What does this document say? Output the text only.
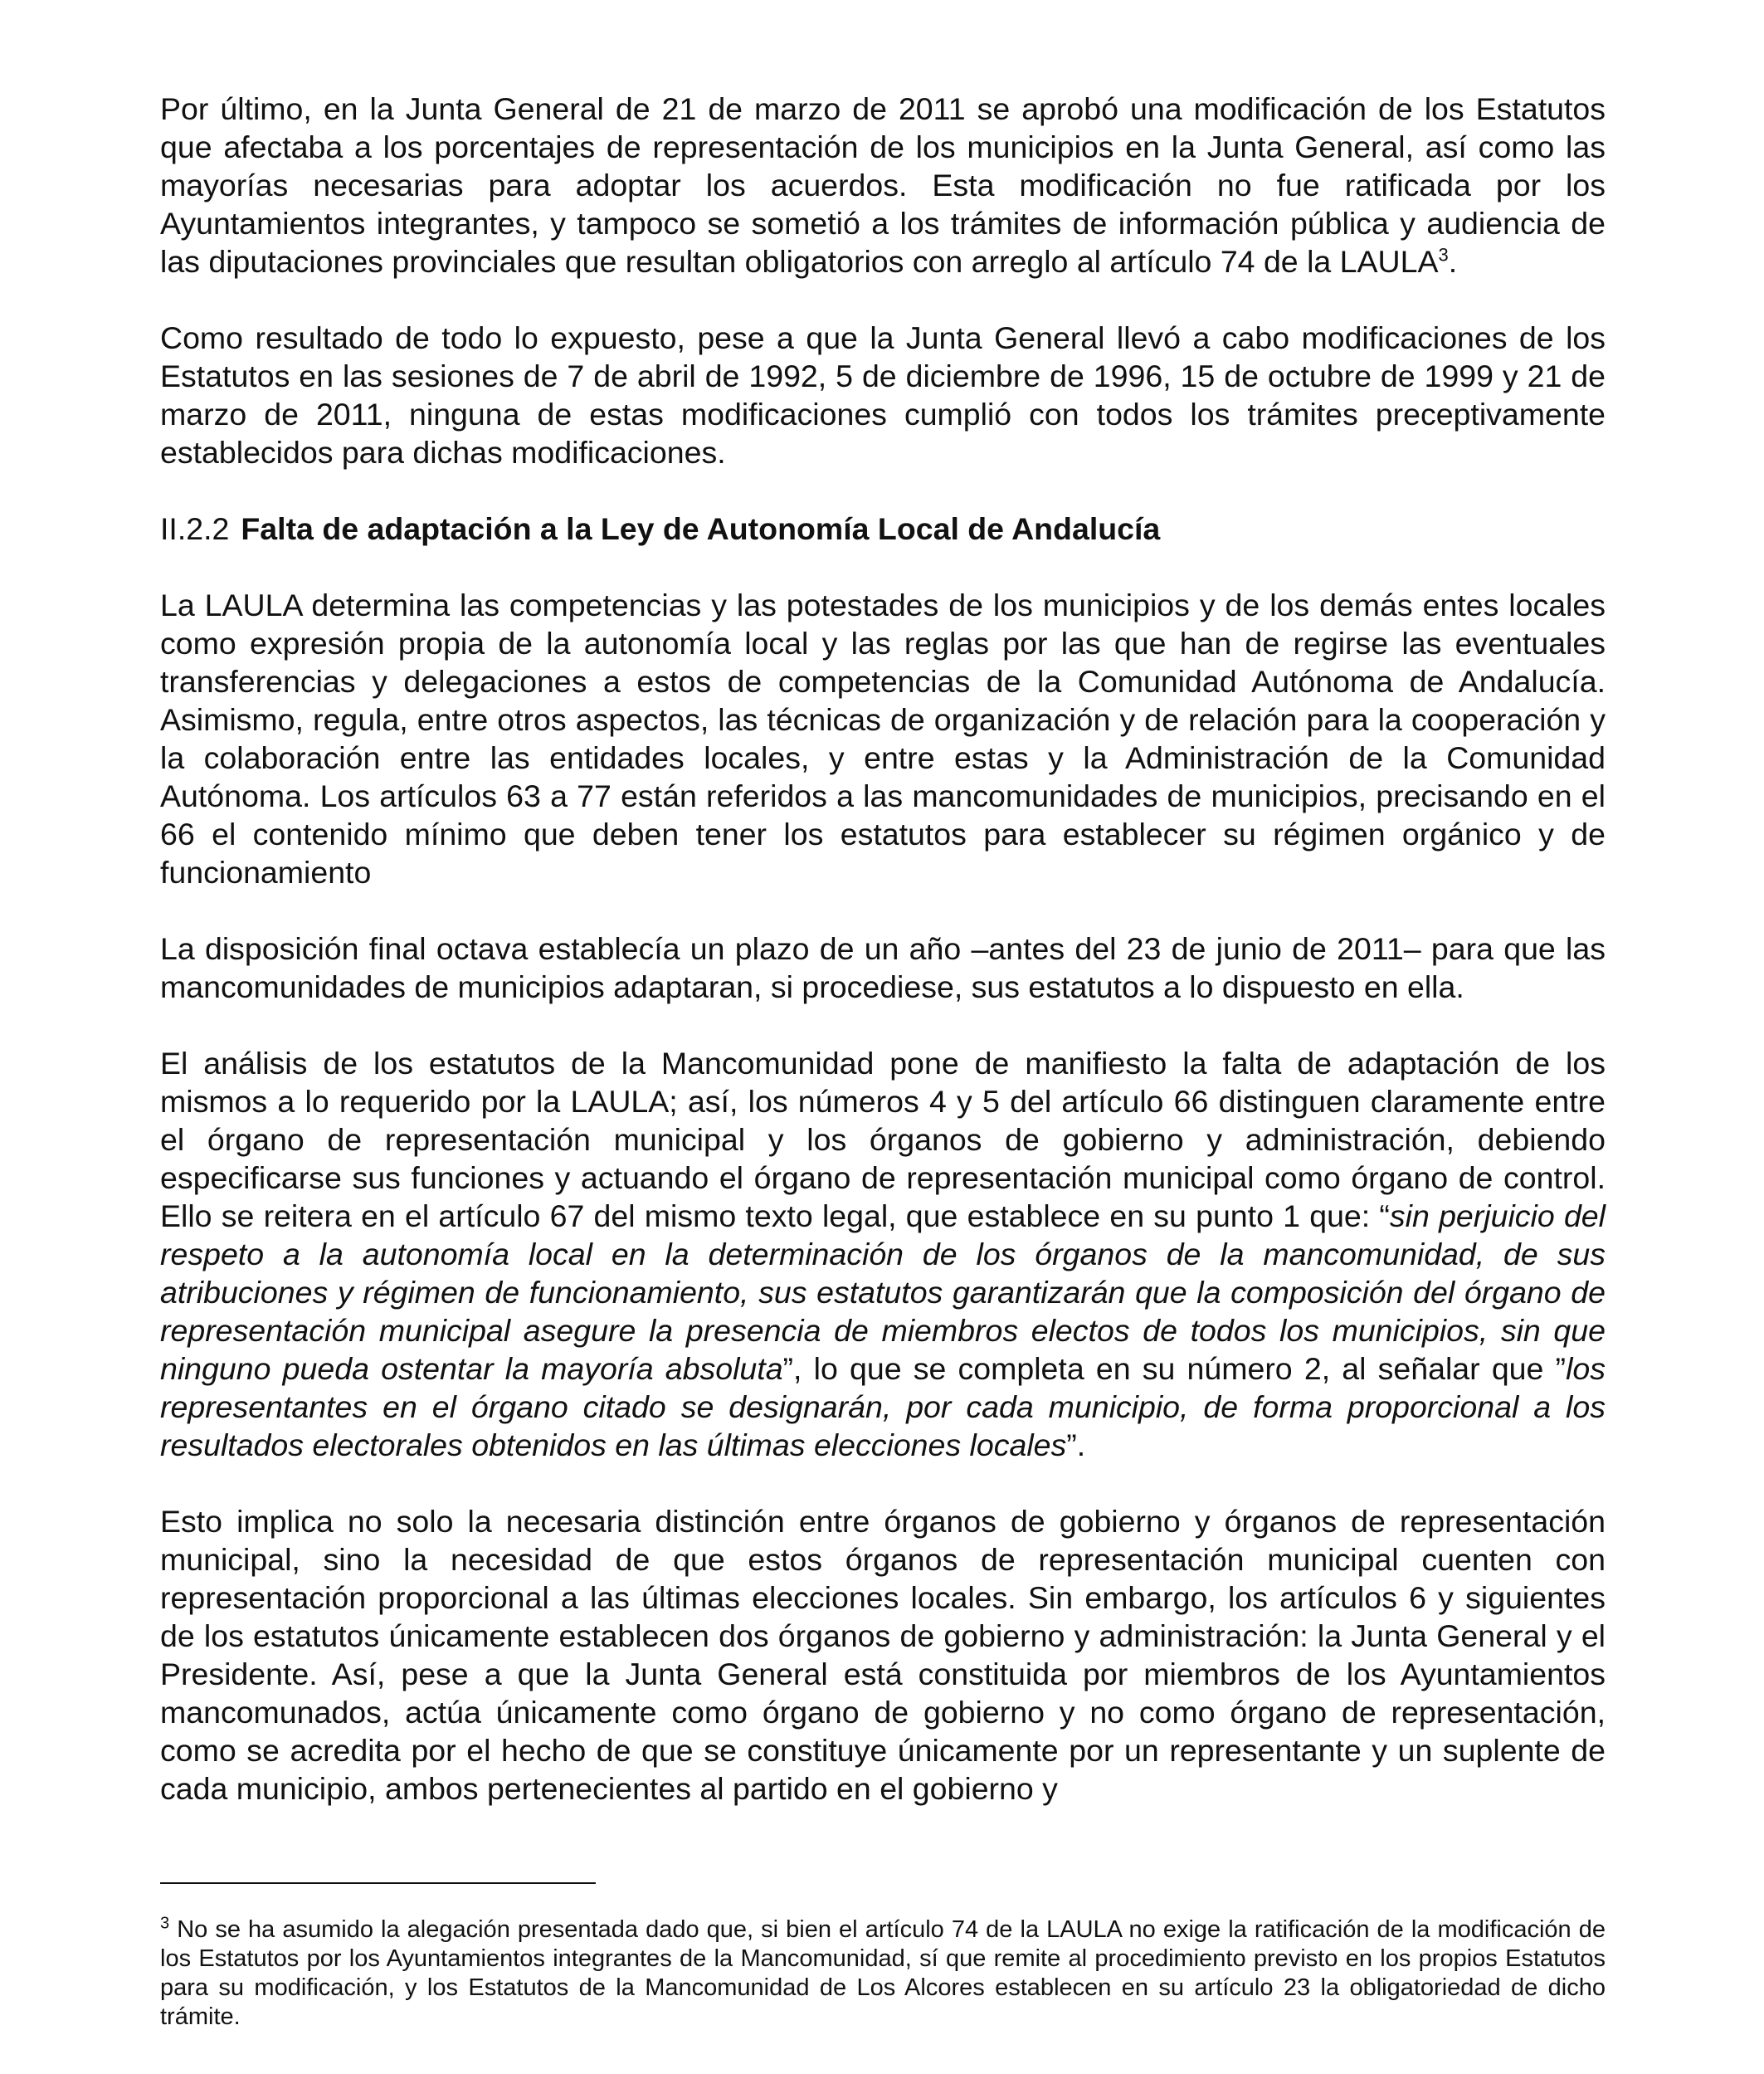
Por último, en la Junta General de 21 de marzo de 2011 se aprobó una modificación de los Estatutos que afectaba a los porcentajes de representación de los municipios en la Junta General, así como las mayorías necesarias para adoptar los acuerdos. Esta modificación no fue ratificada por los Ayuntamientos integrantes, y tampoco se sometió a los trámites de información pública y audiencia de las diputaciones provinciales que resultan obligatorios con arreglo al artículo 74 de la LAULA$^3$.

Como resultado de todo lo expuesto, pese a que la Junta General llevó a cabo modificaciones de los Estatutos en las sesiones de 7 de abril de 1992, 5 de diciembre de 1996, 15 de octubre de 1999 y 21 de marzo de 2011, ninguna de estas modificaciones cumplió con todos los trámites preceptivamente establecidos para dichas modificaciones.

II.2.2 Falta de adaptación a la Ley de Autonomía Local de Andalucía

La LAULA determina las competencias y las potestades de los municipios y de los demás entes locales como expresión propia de la autonomía local y las reglas por las que han de regirse las eventuales transferencias y delegaciones a estos de competencias de la Comunidad Autónoma de Andalucía. Asimismo, regula, entre otros aspectos, las técnicas de organización y de relación para la cooperación y la colaboración entre las entidades locales, y entre estas y la Administración de la Comunidad Autónoma. Los artículos 63 a 77 están referidos a las mancomunidades de municipios, precisando en el 66 el contenido mínimo que deben tener los estatutos para establecer su régimen orgánico y de funcionamiento

La disposición final octava establecía un plazo de un año –antes del 23 de junio de 2011– para que las mancomunidades de municipios adaptaran, si procediese, sus estatutos a lo dispuesto en ella.

El análisis de los estatutos de la Mancomunidad pone de manifiesto la falta de adaptación de los mismos a lo requerido por la LAULA; así, los números 4 y 5 del artículo 66 distinguen claramente entre el órgano de representación municipal y los órganos de gobierno y administración, debiendo especificarse sus funciones y actuando el órgano de representación municipal como órgano de control. Ello se reitera en el artículo 67 del mismo texto legal, que establece en su punto 1 que: “sin perjuicio del respeto a la autonomía local en la determinación de los órganos de la mancomunidad, de sus atribuciones y régimen de funcionamiento, sus estatutos garantizarán que la composición del órgano de representación municipal asegure la presencia de miembros electos de todos los municipios, sin que ninguno pueda ostentar la mayoría absoluta”, lo que se completa en su número 2, al señalar que ”los representantes en el órgano citado se designarán, por cada municipio, de forma proporcional a los resultados electorales obtenidos en las últimas elecciones locales”.

Esto implica no solo la necesaria distinción entre órganos de gobierno y órganos de representación municipal, sino la necesidad de que estos órganos de representación municipal cuenten con representación proporcional a las últimas elecciones locales. Sin embargo, los artículos 6 y siguientes de los estatutos únicamente establecen dos órganos de gobierno y administración: la Junta General y el Presidente. Así, pese a que la Junta General está constituida por miembros de los Ayuntamientos mancomunados, actúa únicamente como órgano de gobierno y no como órgano de representación, como se acredita por el hecho de que se constituye únicamente por un representante y un suplente de cada municipio, ambos pertenecientes al partido en el gobierno y

$^3$ No se ha asumido la alegación presentada dado que, si bien el artículo 74 de la LAULA no exige la ratificación de la modificación de los Estatutos por los Ayuntamientos integrantes de la Mancomunidad, sí que remite al procedimiento previsto en los propios Estatutos para su modificación, y los Estatutos de la Mancomunidad de Los Alcores establecen en su artículo 23 la obligatoriedad de dicho trámite.
